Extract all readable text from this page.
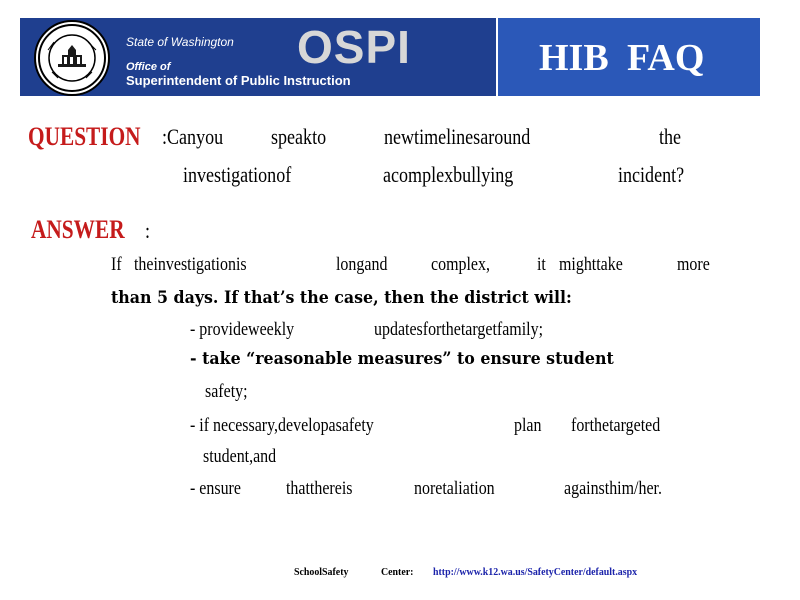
State of Washington OSPI
Office of
Superintendent of Public Instruction
HIB FAQ
QUESTION :Canyou speakto	newtimelinesaround	the
investigationof	acomplexbullying	incident?
ANSWER :
If theinvestigationis	longand complex, it mighttake	more
than 5 days. If that’s the case, then the district will:
- provideweekly	updatesforthetargetfamily;
- take “reasonable measures” to ensure student
safety;
- if necessary,developasafety	plan forthetargeted
student,and
- ensure thatthereis	noretaliation	againsthim/her.
SchoolSafety	Center: http://www.k12.wa.us/SafetyCenter/default.aspx
